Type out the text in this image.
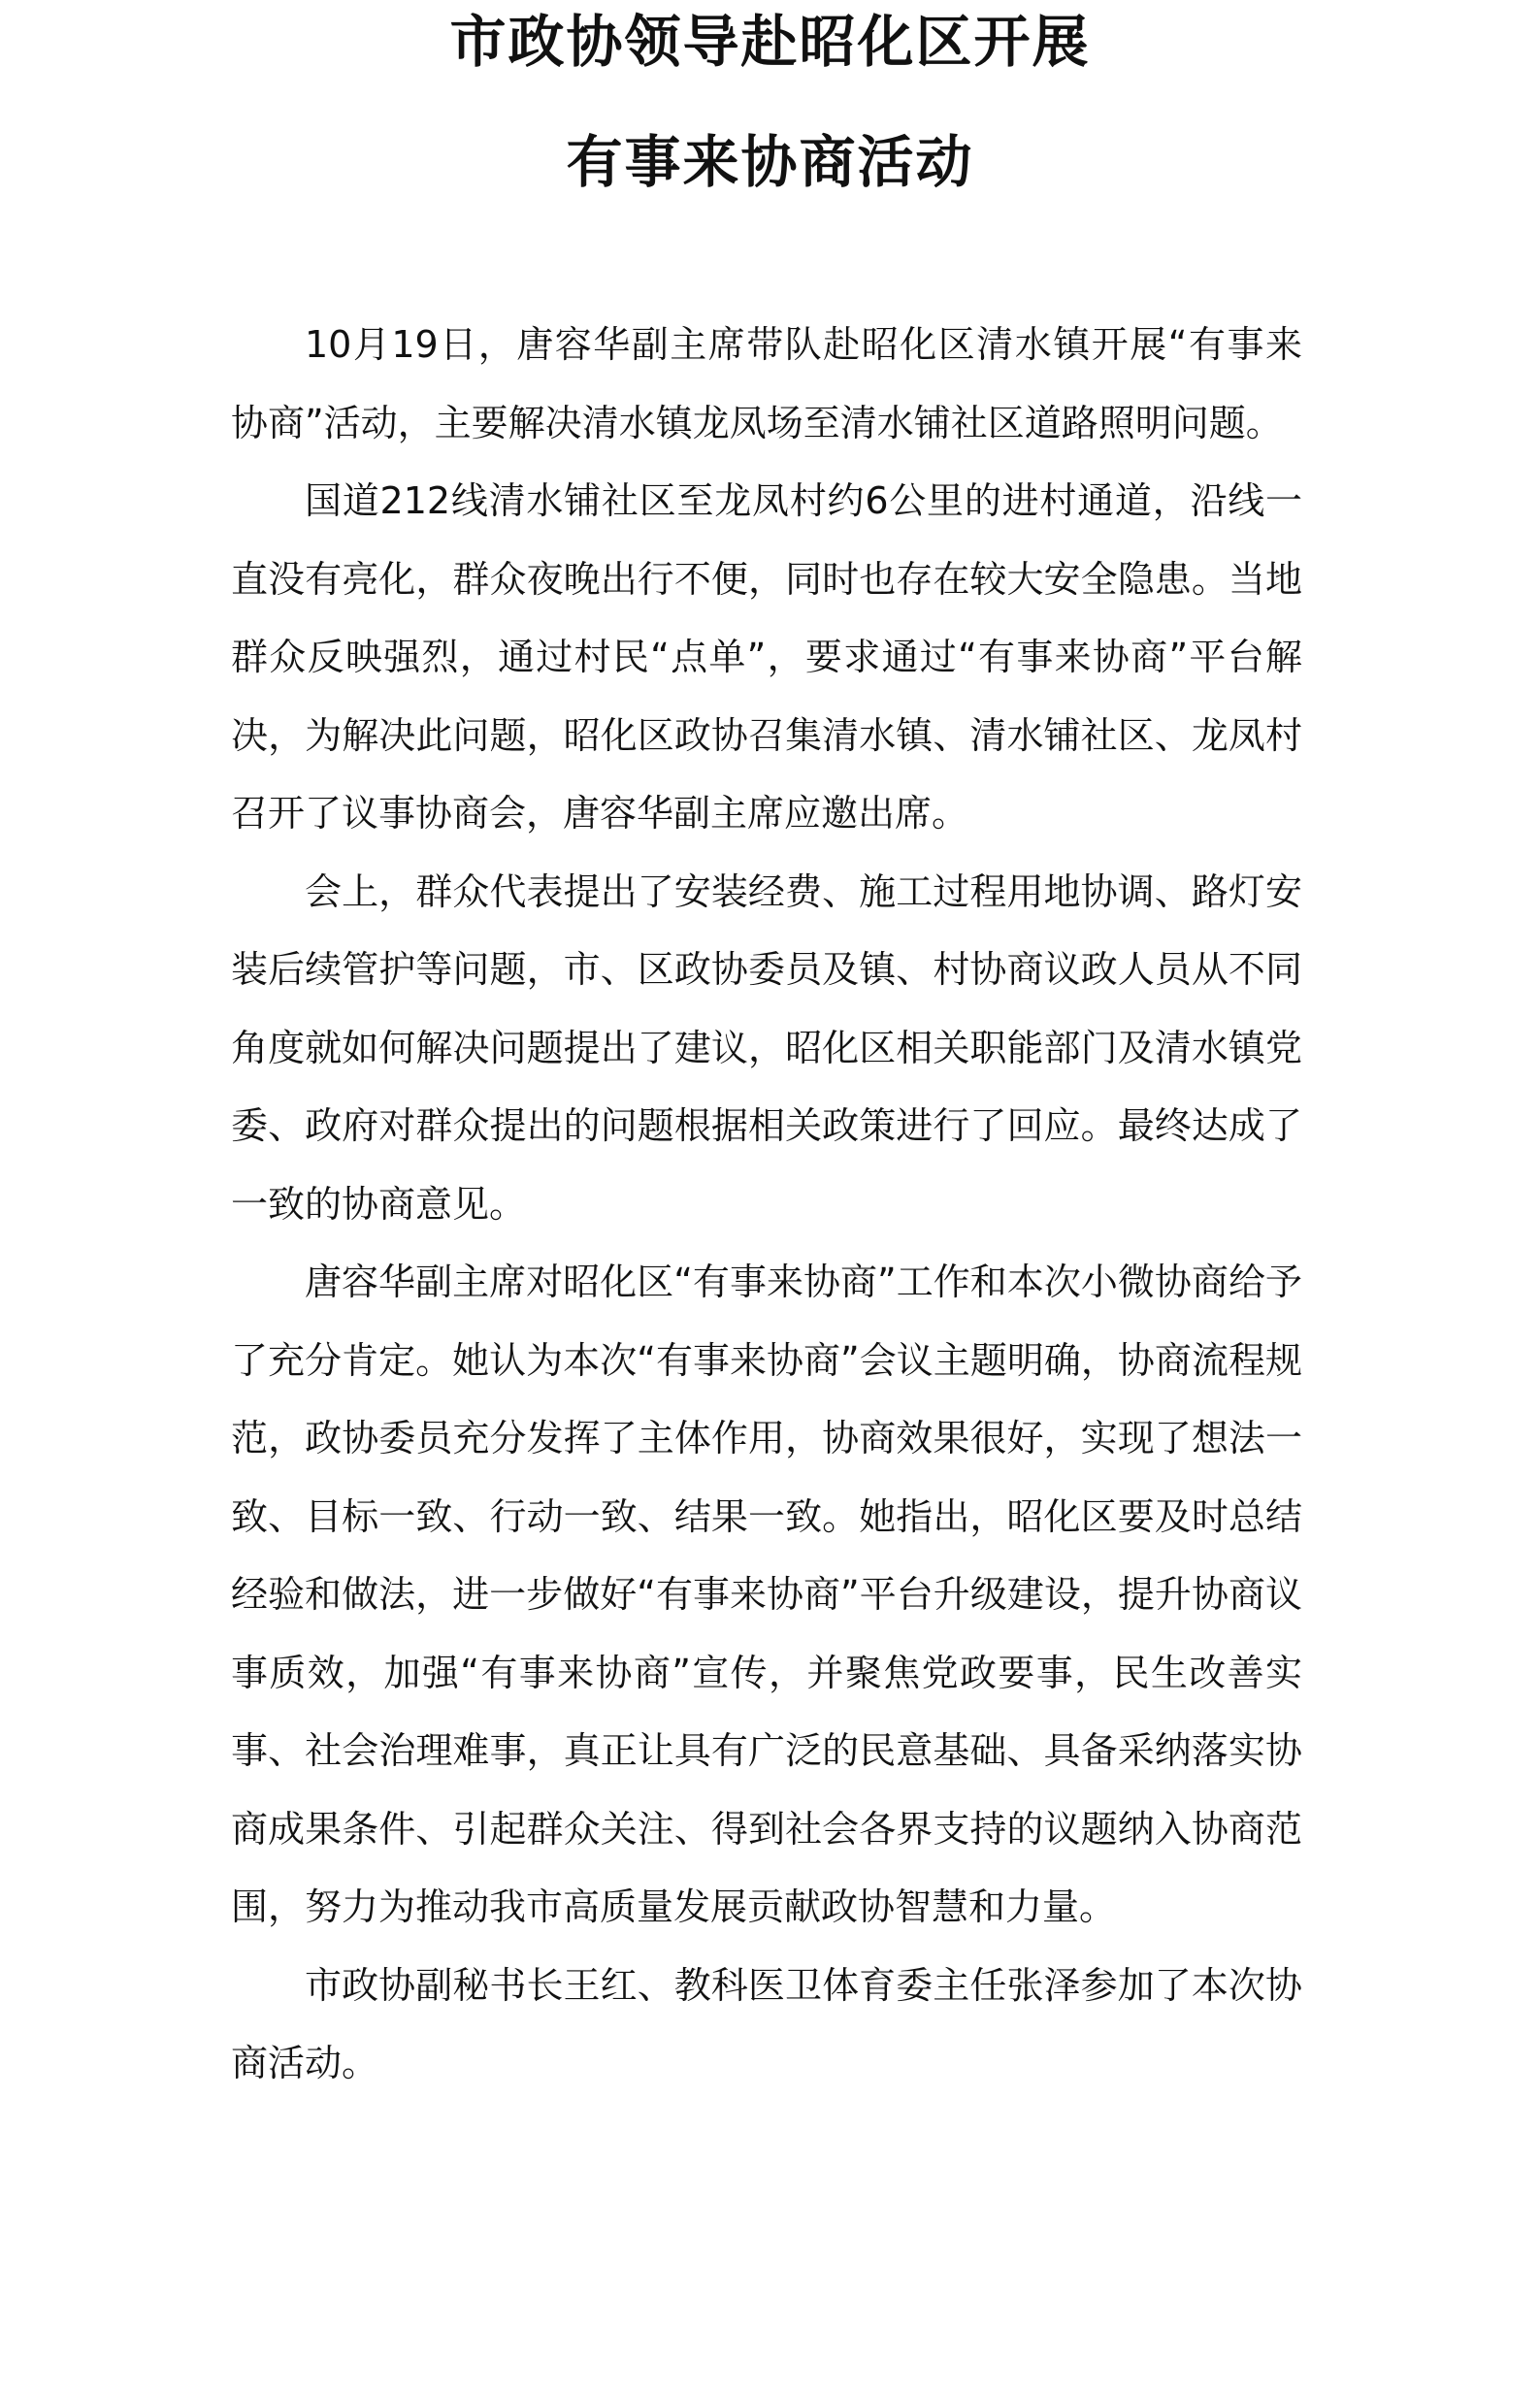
市政协领导赴昭化区开展
有事来协商活动

10月19日，唐容华副主席带队赴昭化区清水镇开展“有事来协商”活动，主要解决清水镇龙凤场至清水铺社区道路照明问题。

国道212线清水铺社区至龙凤村约6公里的进村通道，沿线一直没有亮化，群众夜晚出行不便，同时也存在较大安全隐患。当地群众反映强烈，通过村民“点单”，要求通过“有事来协商”平台解决，为解决此问题，昭化区政协召集清水镇、清水铺社区、龙凤村召开了议事协商会，唐容华副主席应邀出席。

会上，群众代表提出了安装经费、施工过程用地协调、路灯安装后续管护等问题，市、区政协委员及镇、村协商议政人员从不同角度就如何解决问题提出了建议，昭化区相关职能部门及清水镇党委、政府对群众提出的问题根据相关政策进行了回应。最终达成了一致的协商意见。

唐容华副主席对昭化区“有事来协商”工作和本次小微协商给予了充分肯定。她认为本次“有事来协商”会议主题明确，协商流程规范，政协委员充分发挥了主体作用，协商效果很好，实现了想法一致、目标一致、行动一致、结果一致。她指出，昭化区要及时总结经验和做法，进一步做好“有事来协商”平台升级建设，提升协商议事质效，加强“有事来协商”宣传，并聚焦党政要事，民生改善实事、社会治理难事，真正让具有广泛的民意基础、具备采纳落实协商成果条件、引起群众关注、得到社会各界支持的议题纳入协商范围，努力为推动我市高质量发展贡献政协智慧和力量。

市政协副秘书长王红、教科医卫体育委主任张泽参加了本次协商活动。
